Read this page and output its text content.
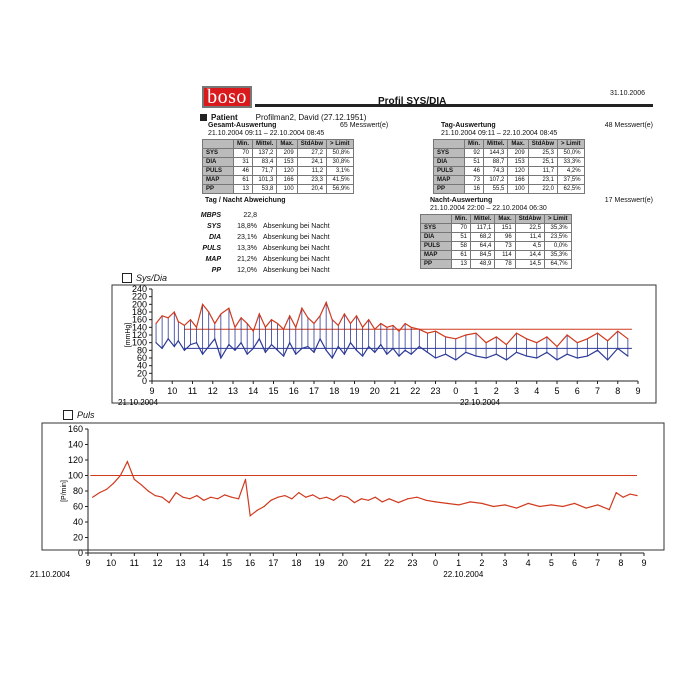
boso	31.10.2006
Profil SYS/DIA
Patient Profilman2, David (27.12.1951)
Gesamt-Auswertung	65 Messwert(e)

21.10.2004 09:11 – 22.10.2004 08:45
	Min.	Mittel.	Max.	StdAbw	> Limit
SYS	70	137,2	209	27,2	50,8%
DIA	31	83,4	153	24,1	30,8%
PULS	46	71,7	120	11,2	3,1%
MAP	61	101,3	166	23,3	41,5%
PP	13	53,8	100	20,4	56,9%
Tag-Auswertung	48 Messwert(e)

21.10.2004 09:11 – 22.10.2004 08:45
	Min.	Mittel.	Max.	StdAbw	> Limit
SYS	92	144,3	209	25,3	50,0%
DIA	51	88,7	153	25,1	33,3%
PULS	46	74,3	120	11,7	4,2%
MAP	73	107,2	166	23,1	37,5%
PP	16	55,5	100	22,0	62,5%
Nacht-Auswertung	17 Messwert(e)

21.10.2004 22:00 – 22.10.2004 06:30
	Min.	Mittel.	Max.	StdAbw	> Limit
SYS	70	117,1	151	22,5	35,3%
DIA	51	68,2	96	11,4	23,5%
PULS	58	64,4	73	4,5	0,0%
MAP	61	84,5	114	14,4	35,3%
PP	13	48,9	78	14,5	64,7%
Tag / Nacht Abweichung
MBPS	22,8
SYS	18,8% Absenkung bei Nacht
DIA	23,1% Absenkung bei Nacht
PULS	13,3% Absenkung bei Nacht
MAP	21,2% Absenkung bei Nacht
PP	12,0% Absenkung bei Nacht
Sys/Dia
Puls
0
20
40
60
80
100
120
140
160
180
200
220
240
9 10 11 12 13 14 15 16 17 18 19 20 21 22 23 0 1 2 3 4 5 6 7 8 9
[mmHg]
21.10.2004	22.10.2004
0
20
40
60
80
100
120
140
160
9 10 11 12 13 14 15 16 17 18 19 20 21 22 23 0 1 2 3 4 5 6 7 8 9
[P/min]
21.10.2004	22.10.2004
